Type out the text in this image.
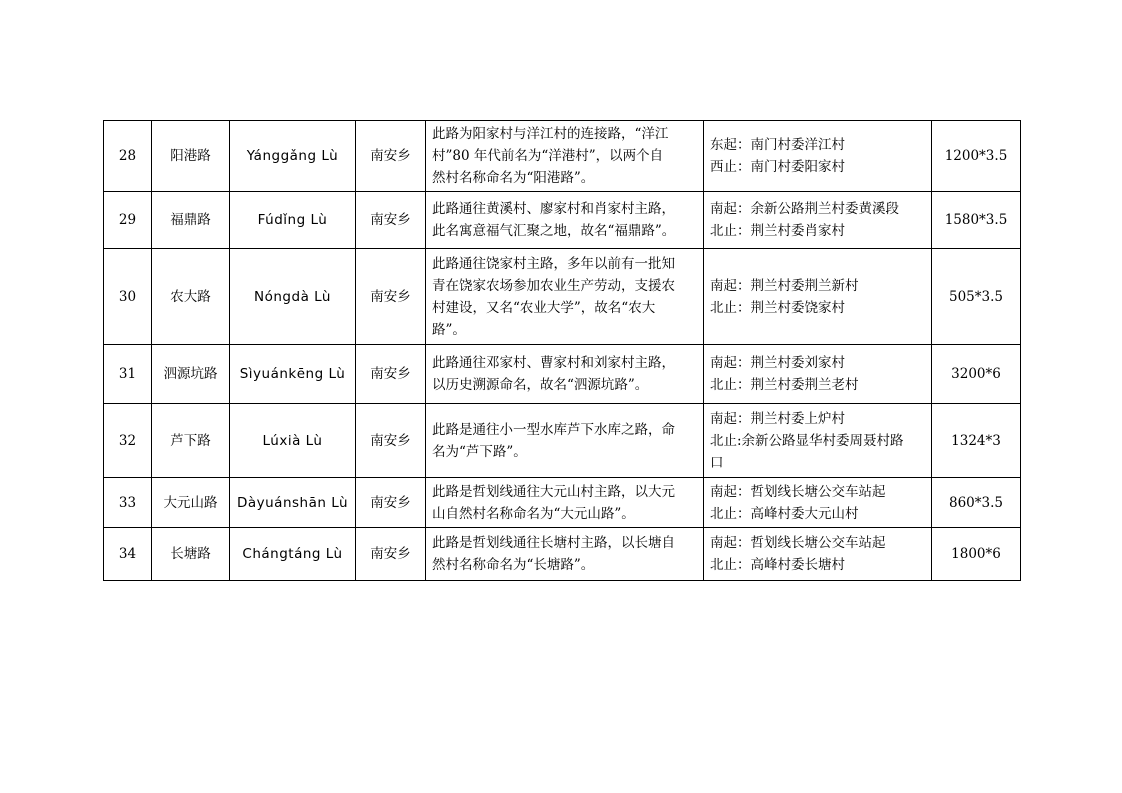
28	阳港路	Yánggǎng Lù	南安乡	此路为阳家村与洋江村的连接路，“洋江
村”80 年代前名为“洋港村”，以两个自
然村名称命名为“阳港路”。	东起：南门村委洋江村
西止：南门村委阳家村	1200*3.5
29	福鼎路	Fúdǐng Lù	南安乡	此路通往黄溪村、廖家村和肖家村主路，
此名寓意福气汇聚之地，故名“福鼎路”。	南起：余新公路荆兰村委黄溪段
北止：荆兰村委肖家村	1580*3.5
30	农大路	Nóngdà Lù	南安乡	此路通往饶家村主路，多年以前有一批知
青在饶家农场参加农业生产劳动，支援农
村建设，又名“农业大学”，故名“农大
路”。	南起：荆兰村委荆兰新村
北止：荆兰村委饶家村	505*3.5
31	泗源坑路	Sìyuánkēng Lù	南安乡	此路通往邓家村、曹家村和刘家村主路，
以历史溯源命名，故名“泗源坑路”。	南起：荆兰村委刘家村
北止：荆兰村委荆兰老村	3200*6
32	芦下路	Lúxià Lù	南安乡	此路是通往小一型水库芦下水库之路，命
名为“芦下路”。	南起：荆兰村委上炉村
北止:余新公路显华村委周聂村路
口	1324*3
33	大元山路	Dàyuánshān Lù	南安乡	此路是哲划线通往大元山村主路，以大元
山自然村名称命名为“大元山路”。	南起：哲划线长塘公交车站起
北止：高峰村委大元山村	860*3.5
34	长塘路	Chángtáng Lù	南安乡	此路是哲划线通往长塘村主路，以长塘自
然村名称命名为“长塘路”。	南起：哲划线长塘公交车站起
北止：高峰村委长塘村	1800*6
